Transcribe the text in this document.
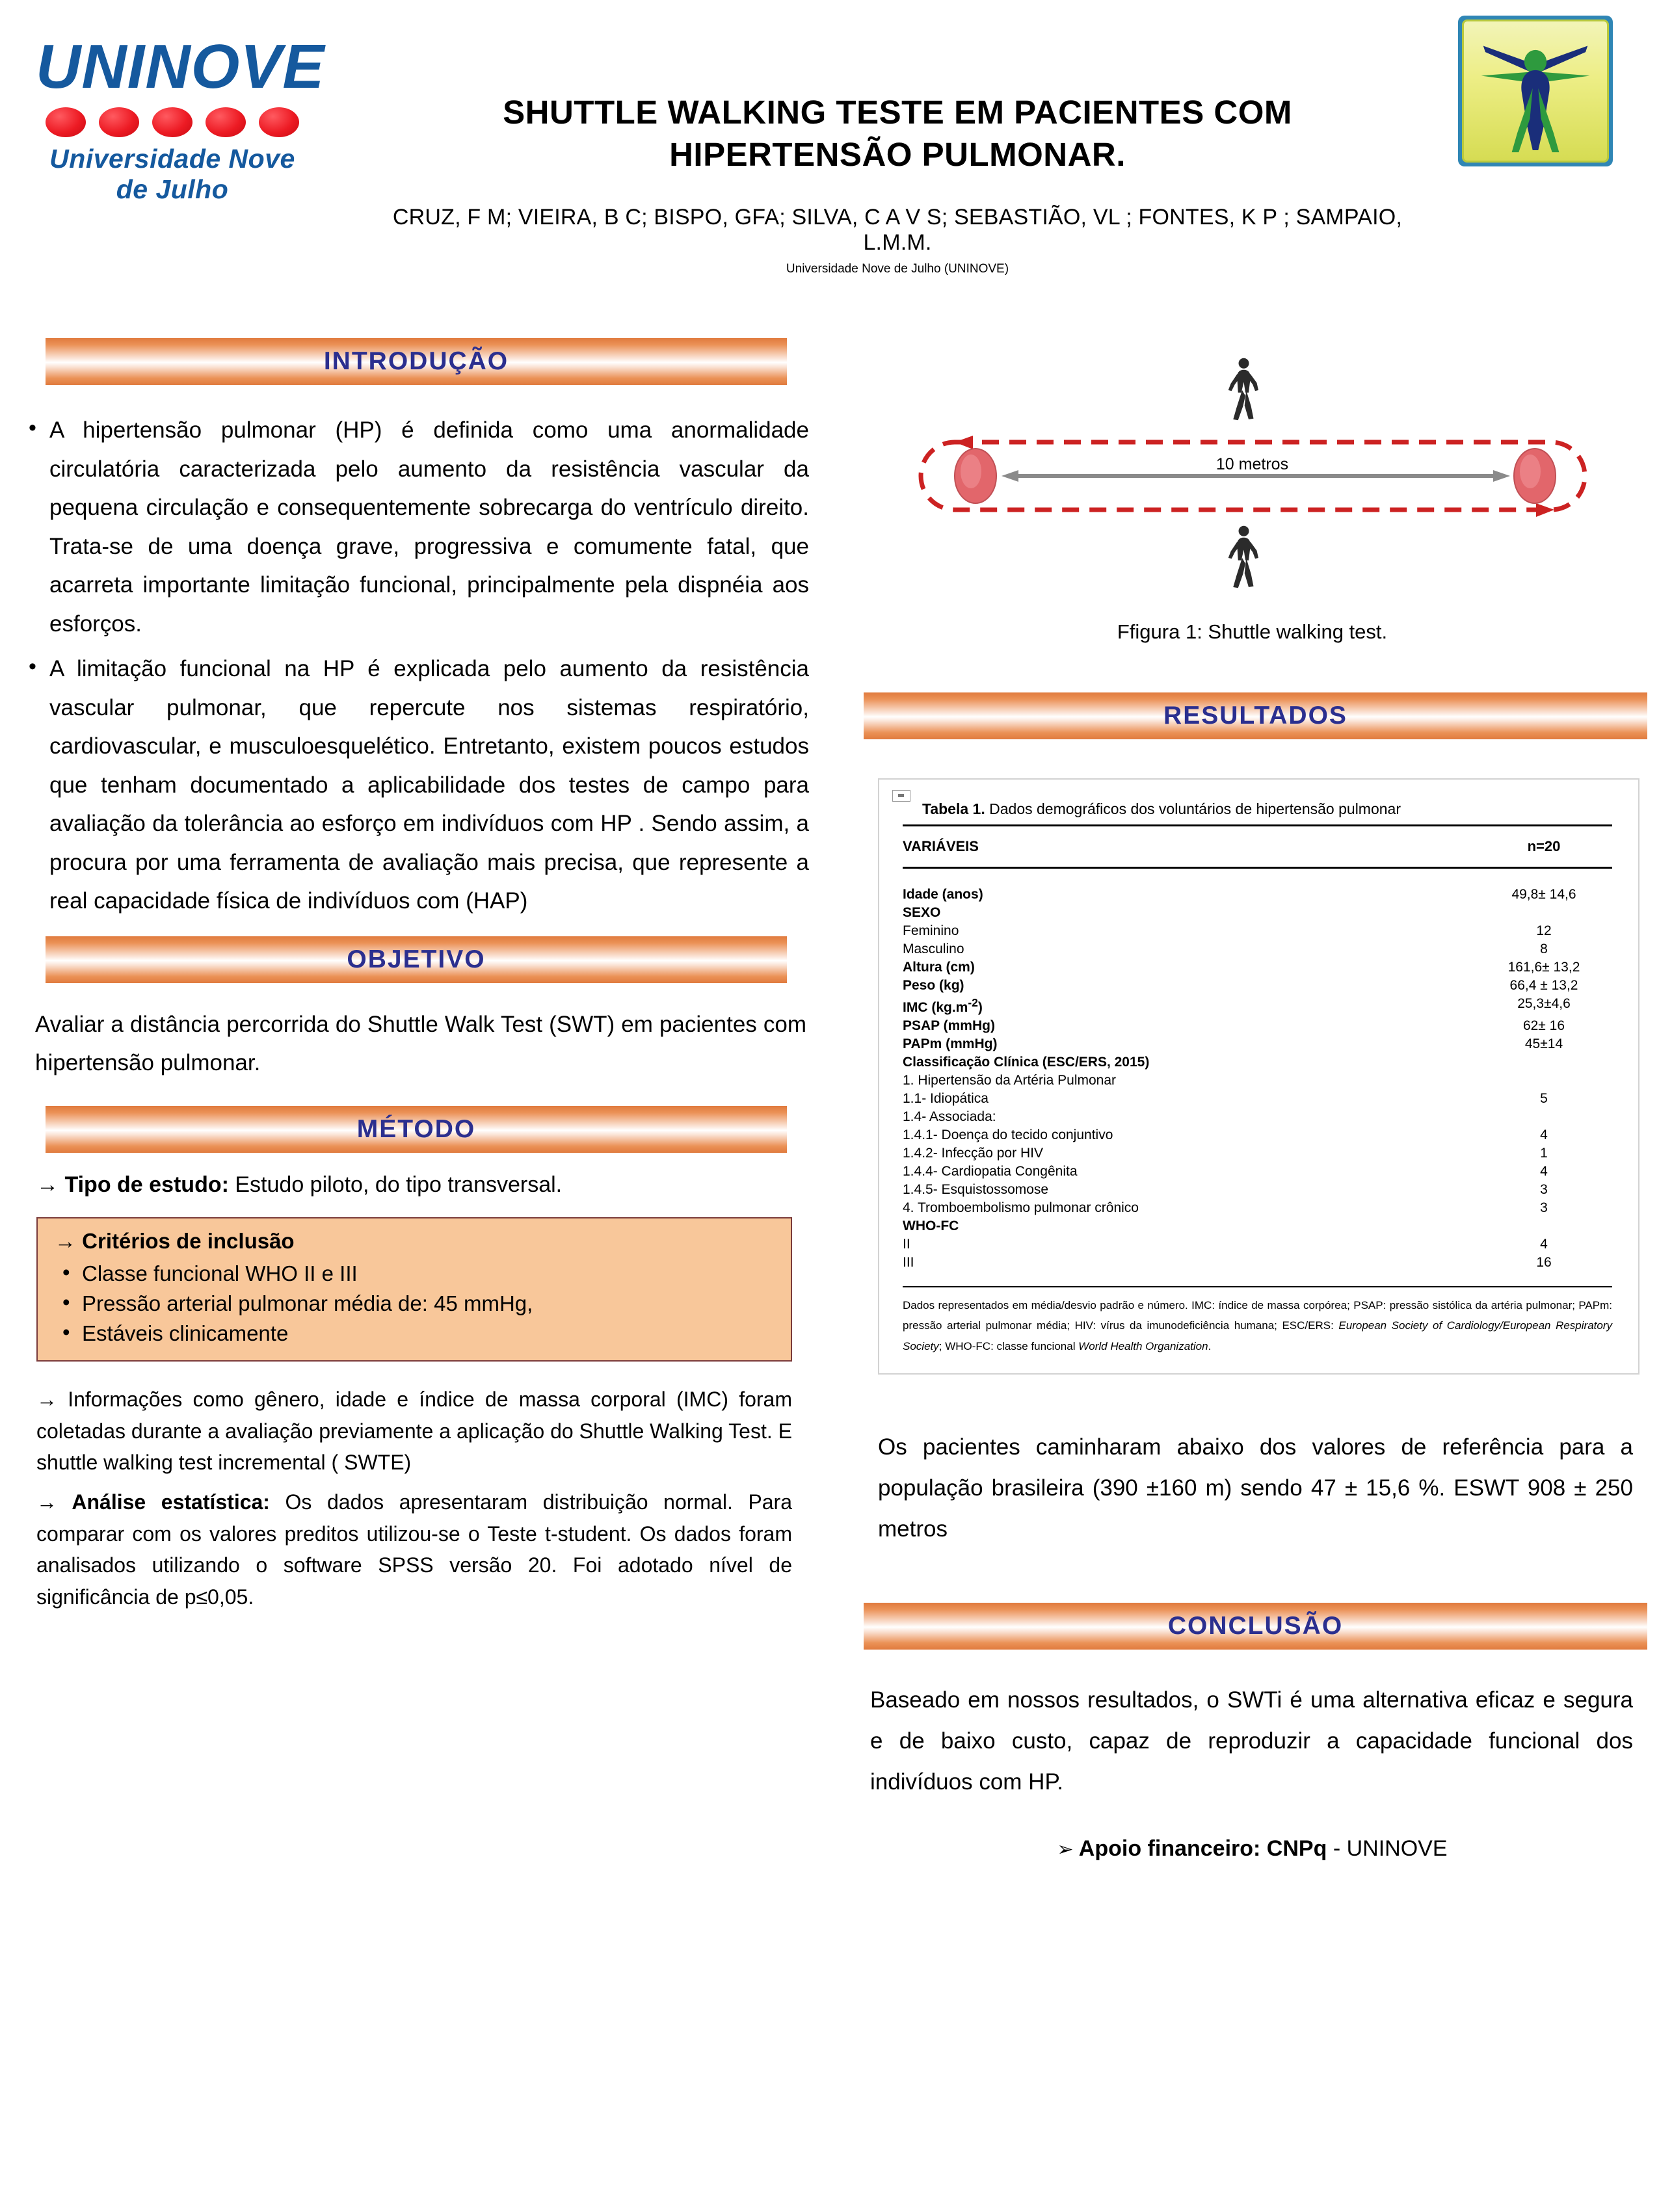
UNINOVE
Universidade Nove de Julho
SHUTTLE WALKING TESTE EM PACIENTES COM
HIPERTENSÃO PULMONAR.
CRUZ, F M; VIEIRA, B C; BISPO, GFA; SILVA, C A V S; SEBASTIÃO, VL ; FONTES, K P ; SAMPAIO, L.M.M.
Universidade Nove de Julho (UNINOVE)
INTRODUÇÃO
• A hipertensão pulmonar (HP) é definida como uma anormalidade circulatória caracterizada pelo aumento da resistência vascular da pequena circulação e consequentemente sobrecarga do ventrículo direito. Trata-se de uma doença grave, progressiva e comumente fatal, que acarreta importante limitação funcional, principalmente pela dispnéia aos esforços.
• A limitação funcional na HP é explicada pelo aumento da resistência vascular pulmonar, que repercute nos sistemas respiratório, cardiovascular, e musculoesquelético. Entretanto, existem poucos estudos que tenham documentado a aplicabilidade dos testes de campo para avaliação da tolerância ao esforço em indivíduos com HP . Sendo assim, a procura por uma ferramenta de avaliação mais precisa, que represente a real capacidade física de indivíduos com (HAP)
OBJETIVO
Avaliar a distância percorrida do Shuttle Walk Test (SWT) em pacientes com hipertensão pulmonar.
MÉTODO
→ Tipo de estudo: Estudo piloto, do tipo transversal.
→ Critérios de inclusão
• Classe funcional WHO II e III
• Pressão arterial pulmonar média de: 45 mmHg,
• Estáveis clinicamente
→ Informações como gênero, idade e índice de massa corporal (IMC) foram coletadas durante a avaliação previamente a aplicação do Shuttle Walking Test. E shuttle walking test incremental ( SWTE)
→ Análise estatística: Os dados apresentaram distribuição normal. Para comparar com os valores preditos utilizou-se o Teste t-student. Os dados foram analisados utilizando o software SPSS versão 20. Foi adotado nível de significância de p≤0,05.
10 metros
Ffigura 1: Shuttle walking test.
RESULTADOS
Tabela 1. Dados demográficos dos voluntários de hipertensão pulmonar

VARIÁVEIS	n=20

Idade (anos)	49,8± 14,6
SEXO	
Feminino	12
Masculino	8
Altura (cm)	161,6± 13,2
Peso (kg)	66,4 ± 13,2
IMC $(kg.m^{-2})$	25,3±4,6
PSAP (mmHg)	62± 16
PAPm (mmHg)	45±14
Classificação Clínica (ESC/ERS, 2015)	
1. Hipertensão da Artéria Pulmonar	
1.1- Idiopática	5
1.4- Associada:	
1.4.1- Doença do tecido conjuntivo	4
1.4.2- Infecção por HIV	1
1.4.4- Cardiopatia Congênita	4
1.4.5- Esquistossomose	3
4. Tromboembolismo pulmonar crônico	3
WHO-FC	
II	4
III	16
Dados representados em média/desvio padrão e número. IMC: índice de massa corpórea; PSAP: pressão sistólica da artéria pulmonar; PAPm: pressão arterial pulmonar média; HIV: vírus da imunodeficiência humana; ESC/ERS: European Society of Cardiology/European Respiratory Society; WHO-FC: classe funcional World Health Organization.
Os pacientes caminharam abaixo dos valores de referência para a população brasileira (390 ±160 m) sendo 47 ± 15,6 %. ESWT 908 ± 250 metros
CONCLUSÃO
Baseado em nossos resultados, o SWTi é uma alternativa eficaz e segura e de baixo custo, capaz de reproduzir a capacidade funcional dos indivíduos com HP.
➢ Apoio financeiro: CNPq - UNINOVE
